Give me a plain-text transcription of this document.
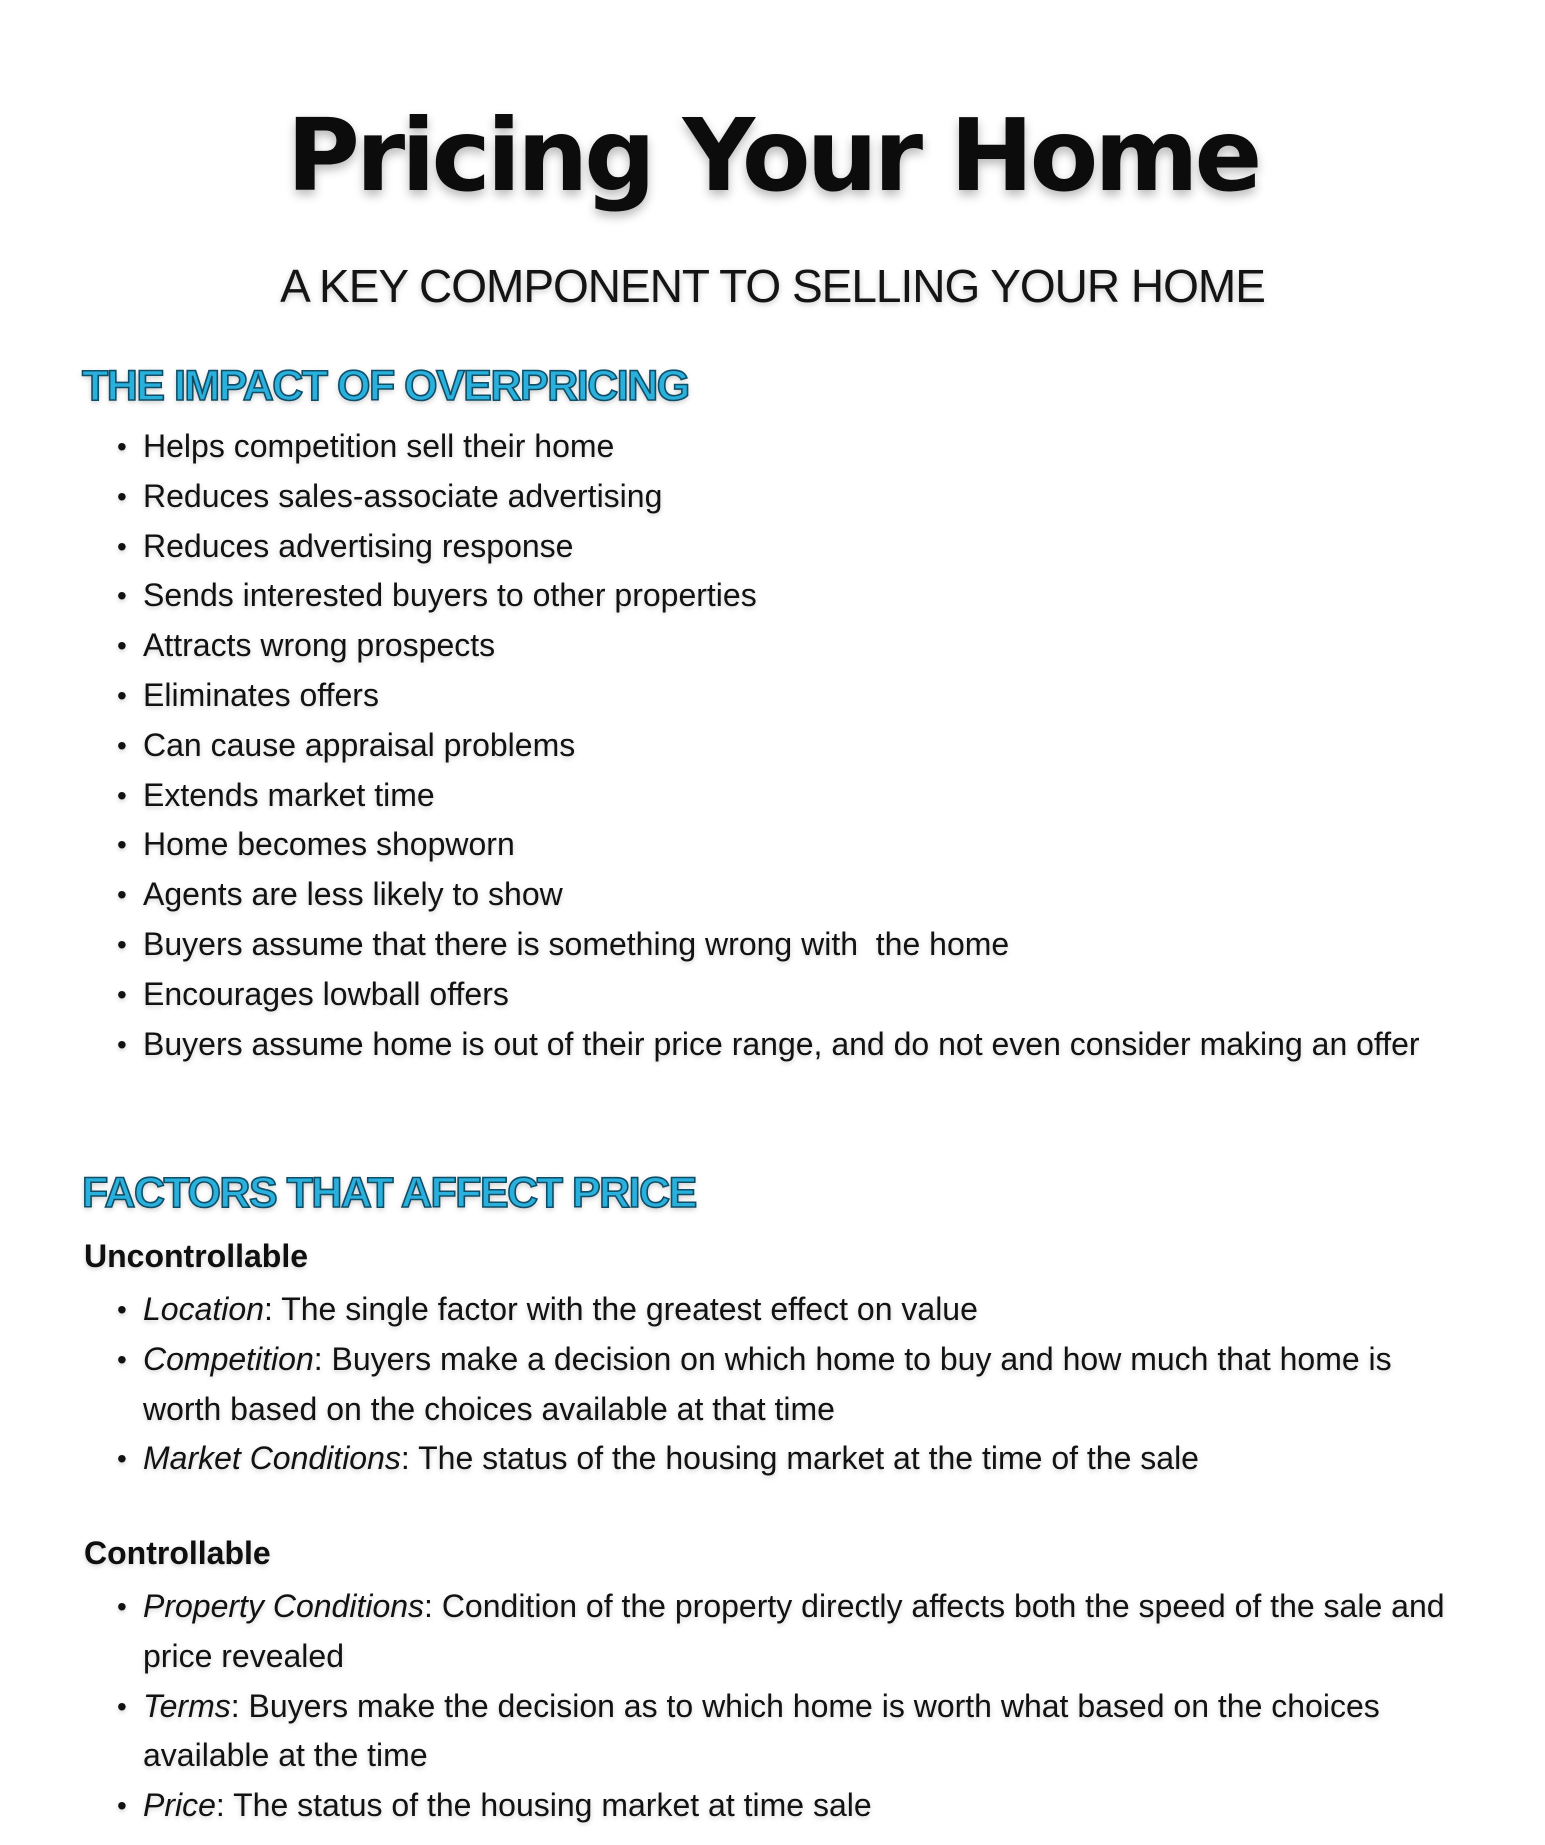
Pricing Your Home
A KEY COMPONENT TO SELLING YOUR HOME
THE IMPACT OF OVERPRICING
• Helps competition sell their home
• Reduces sales-associate advertising
• Reduces advertising response
• Sends interested buyers to other properties
• Attracts wrong prospects
• Eliminates offers
• Can cause appraisal problems
• Extends market time
• Home becomes shopworn
• Agents are less likely to show
• Buyers assume that there is something wrong with  the home
• Encourages lowball offers
• Buyers assume home is out of their price range, and do not even consider making an offer
FACTORS THAT AFFECT PRICE
Uncontrollable
• Location: The single factor with the greatest effect on value
• Competition: Buyers make a decision on which home to buy and how much that home is worth based on the choices available at that time
• Market Conditions: The status of the housing market at the time of the sale
Controllable
• Property Conditions: Condition of the property directly affects both the speed of the sale and price revealed
• Terms: Buyers make the decision as to which home is worth what based on the choices available at the time
• Price: The status of the housing market at time sale
